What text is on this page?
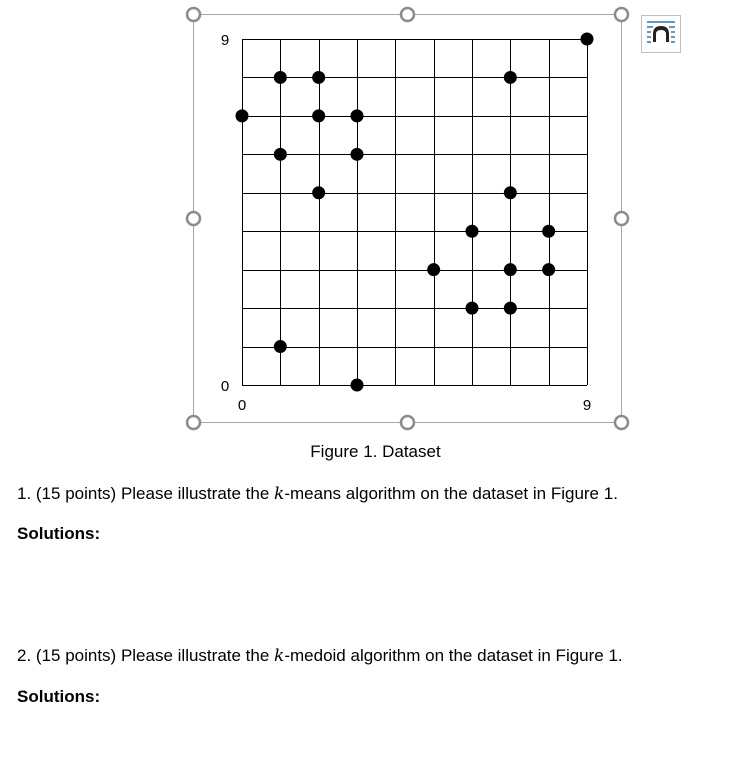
9
0
0	9
Figure 1. Dataset
1. (15 points) Please illustrate the k-means algorithm on the dataset in Figure 1.
Solutions:
2. (15 points) Please illustrate the k-medoid algorithm on the dataset in Figure 1.
Solutions:
